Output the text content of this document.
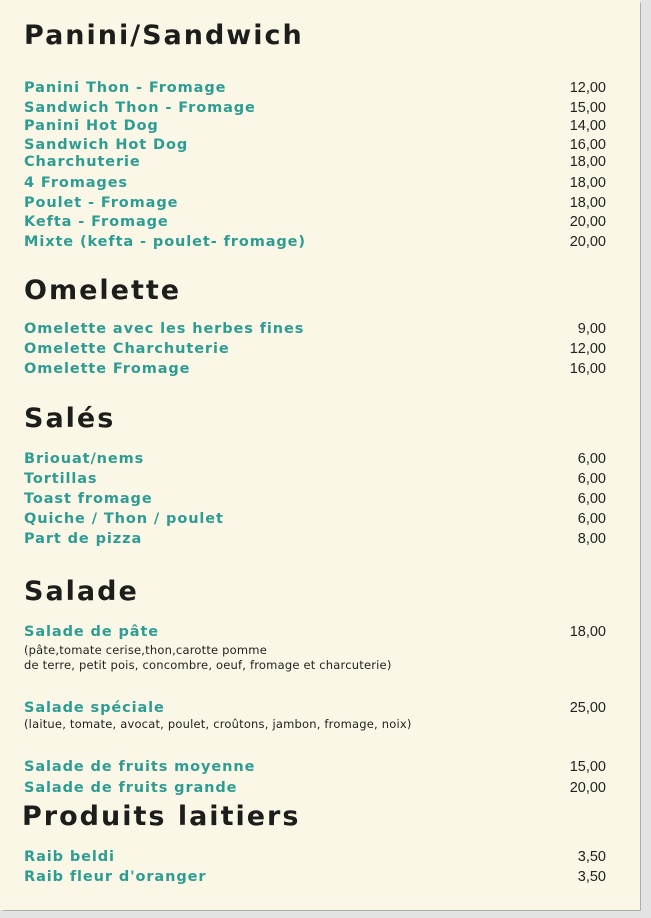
Panini/Sandwich
Panini Thon - Fromage	12,00
Sandwich Thon - Fromage	15,00
Panini Hot Dog	14,00
Sandwich Hot Dog	16,00
Charchuterie	18,00
4 Fromages	18,00
Poulet - Fromage	18,00
Kefta - Fromage	20,00
Mixte (kefta - poulet- fromage)	20,00
Omelette
Omelette avec les herbes fines	9,00
Omelette Charchuterie	12,00
Omelette Fromage	16,00
Salés
Briouat/nems	6,00
Tortillas	6,00
Toast fromage	6,00
Quiche / Thon / poulet	6,00
Part de pizza	8,00
Salade
Salade de pâte	18,00
(pâte,tomate cerise,thon,carotte pomme
de terre, petit pois, concombre, oeuf, fromage et charcuterie)
Salade spéciale	25,00
(laitue, tomate, avocat, poulet, croûtons, jambon, fromage, noix)
Salade de fruits moyenne	15,00
Salade de fruits grande	20,00
Produits laitiers
Raib beldi	3,50
Raib fleur d'oranger	3,50
